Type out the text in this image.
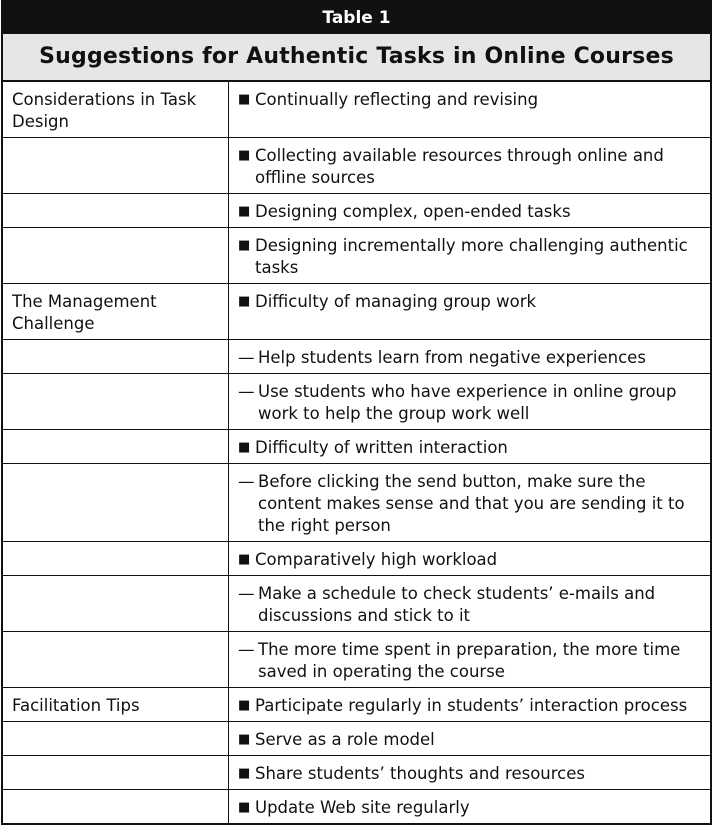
Table 1
Suggestions for Authentic Tasks in Online Courses
Considerations in Task Design	■ Continually reflecting and revising

	■ Collecting available resources through online and offline sources

	■ Designing complex, open-ended tasks

	■ Designing incrementally more challenging authentic tasks

The Management Challenge	■ Difficulty of managing group work

	— Help students learn from negative experiences

	— Use students who have experience in online group work to help the group work well

	■ Difficulty of written interaction

	— Before clicking the send button, make sure the content makes sense and that you are sending it to the right person

	■ Comparatively high workload

	— Make a schedule to check students’ e-mails and discussions and stick to it

	— The more time spent in preparation, the more time saved in operating the course

Facilitation Tips	■ Participate regularly in students’ interaction process

	■ Serve as a role model

	■ Share students’ thoughts and resources

	■ Update Web site regularly
